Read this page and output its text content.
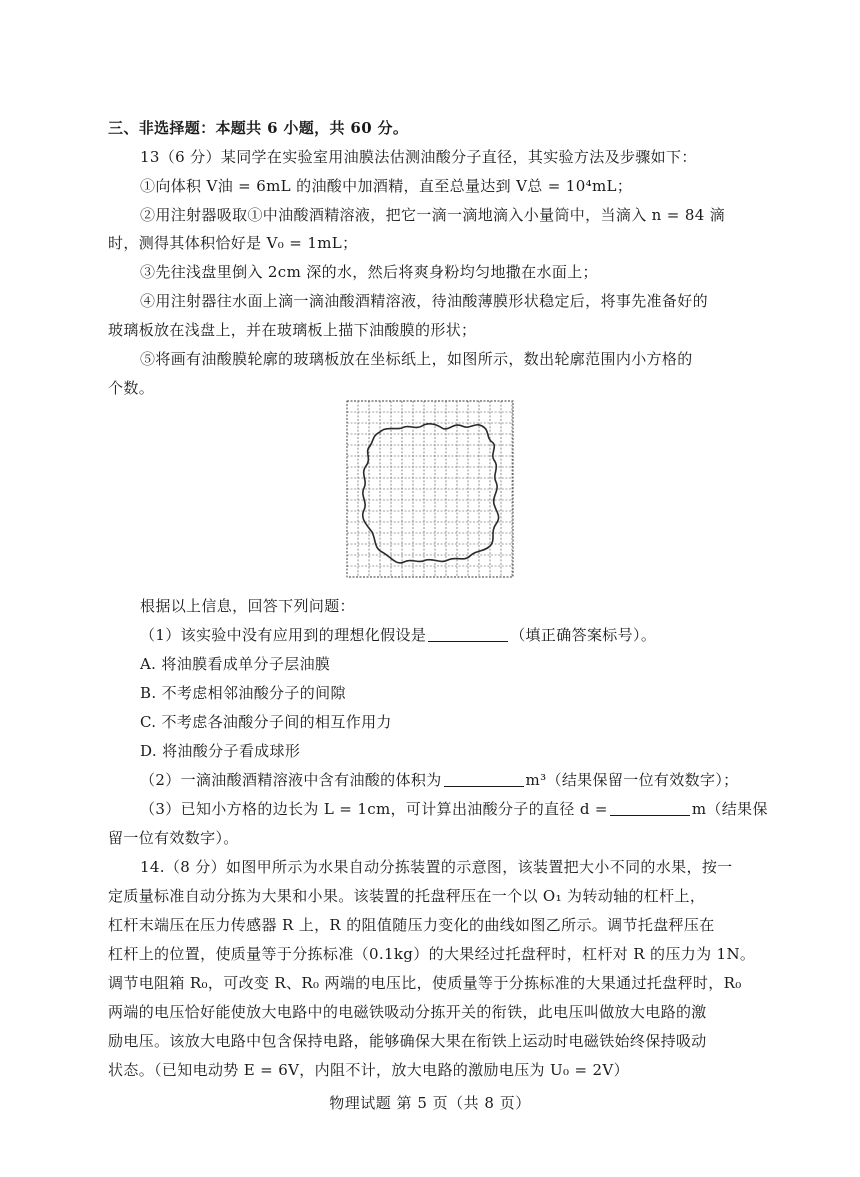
三、非选择题：本题共 6 小题，共 60 分。
13（6 分）某同学在实验室用油膜法估测油酸分子直径，其实验方法及步骤如下：
①向体积 V油 = 6mL 的油酸中加酒精，直至总量达到 V总 = 10⁴mL；
②用注射器吸取①中油酸酒精溶液，把它一滴一滴地滴入小量筒中，当滴入 n = 84 滴
时，测得其体积恰好是 V₀ = 1mL；
③先往浅盘里倒入 2cm 深的水，然后将爽身粉均匀地撒在水面上；
④用注射器往水面上滴一滴油酸酒精溶液，待油酸薄膜形状稳定后，将事先准备好的
玻璃板放在浅盘上，并在玻璃板上描下油酸膜的形状；
⑤将画有油酸膜轮廓的玻璃板放在坐标纸上，如图所示，数出轮廓范围内小方格的
个数。
根据以上信息，回答下列问题：
（1）该实验中没有应用到的理想化假设是	（填正确答案标号）。
A. 将油膜看成单分子层油膜
B. 不考虑相邻油酸分子的间隙
C. 不考虑各油酸分子间的相互作用力
D. 将油酸分子看成球形
（2）一滴油酸酒精溶液中含有油酸的体积为	m³（结果保留一位有效数字）；
（3）已知小方格的边长为 L = 1cm，可计算出油酸分子的直径 d =	m（结果保
留一位有效数字）。
14.（8 分）如图甲所示为水果自动分拣装置的示意图，该装置把大小不同的水果，按一
定质量标准自动分拣为大果和小果。该装置的托盘秤压在一个以 O₁ 为转动轴的杠杆上，
杠杆末端压在压力传感器 R 上，R 的阻值随压力变化的曲线如图乙所示。调节托盘秤压在
杠杆上的位置，使质量等于分拣标准（0.1kg）的大果经过托盘秤时，杠杆对 R 的压力为 1N。
调节电阻箱 R₀，可改变 R、R₀ 两端的电压比，使质量等于分拣标准的大果通过托盘秤时，R₀
两端的电压恰好能使放大电路中的电磁铁吸动分拣开关的衔铁，此电压叫做放大电路的激
励电压。该放大电路中包含保持电路，能够确保大果在衔铁上运动时电磁铁始终保持吸动
状态。（已知电动势 E = 6V，内阻不计，放大电路的激励电压为 U₀ = 2V）
物理试题 第 5 页（共 8 页）
